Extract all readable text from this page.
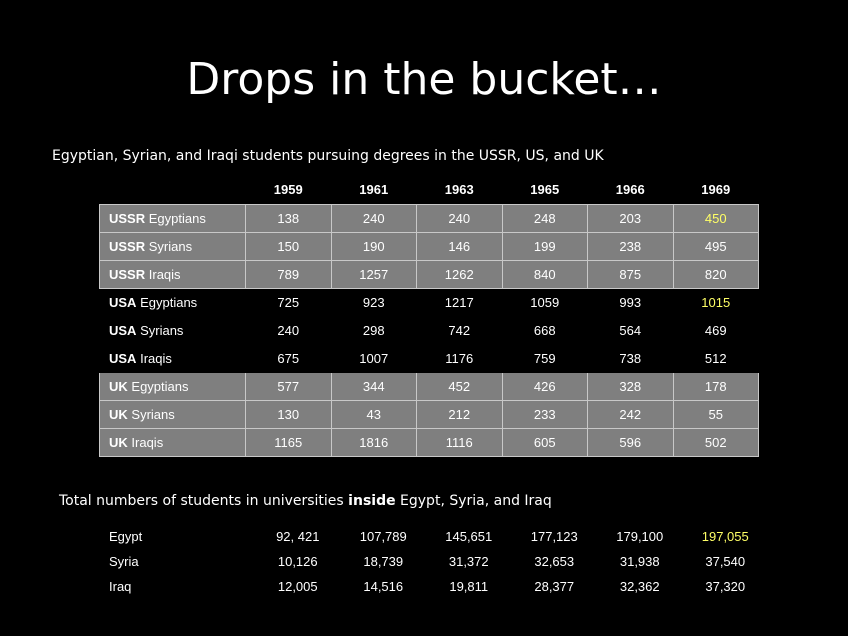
Drops in the bucket…
Egyptian, Syrian, and Iraqi students pursuing degrees in the USSR, US, and UK
	1959	1961	1963	1965	1966	1969
USSR Egyptians	138	240	240	248	203	450
USSR Syrians	150	190	146	199	238	495
USSR Iraqis	789	1257	1262	840	875	820
USA Egyptians	725	923	1217	1059	993	1015
USA Syrians	240	298	742	668	564	469
USA Iraqis	675	1007	1176	759	738	512
UK Egyptians	577	344	452	426	328	178
UK Syrians	130	43	212	233	242	55
UK Iraqis	1165	1816	1116	605	596	502
Total numbers of students in universities inside Egypt, Syria, and Iraq
Egypt	92, 421	107,789	145,651	177,123	179,100	197,055
Syria	10,126	18,739	31,372	32,653	31,938	37,540
Iraq	12,005	14,516	19,811	28,377	32,362	37,320
